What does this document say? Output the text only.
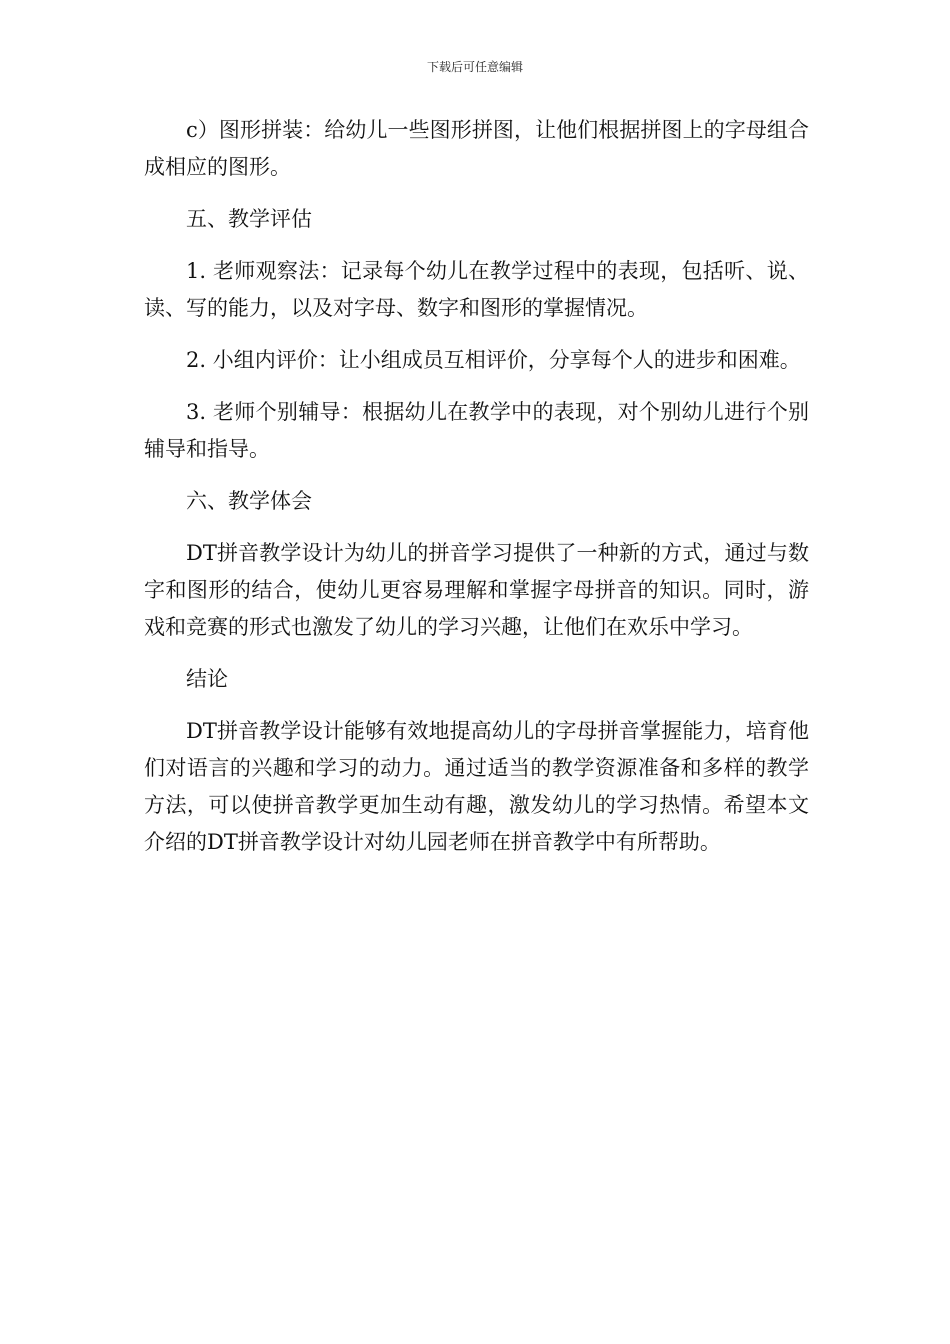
下载后可任意编辑

c）图形拼装：给幼儿一些图形拼图，让他们根据拼图上的字母组合成相应的图形。

五、教学评估

1. 老师观察法：记录每个幼儿在教学过程中的表现，包括听、说、读、写的能力，以及对字母、数字和图形的掌握情况。

2. 小组内评价：让小组成员互相评价，分享每个人的进步和困难。

3. 老师个别辅导：根据幼儿在教学中的表现，对个别幼儿进行个别辅导和指导。

六、教学体会

DT拼音教学设计为幼儿的拼音学习提供了一种新的方式，通过与数字和图形的结合，使幼儿更容易理解和掌握字母拼音的知识。同时，游戏和竞赛的形式也激发了幼儿的学习兴趣，让他们在欢乐中学习。

结论

DT拼音教学设计能够有效地提高幼儿的字母拼音掌握能力，培育他们对语言的兴趣和学习的动力。通过适当的教学资源准备和多样的教学方法，可以使拼音教学更加生动有趣，激发幼儿的学习热情。希望本文介绍的DT拼音教学设计对幼儿园老师在拼音教学中有所帮助。
